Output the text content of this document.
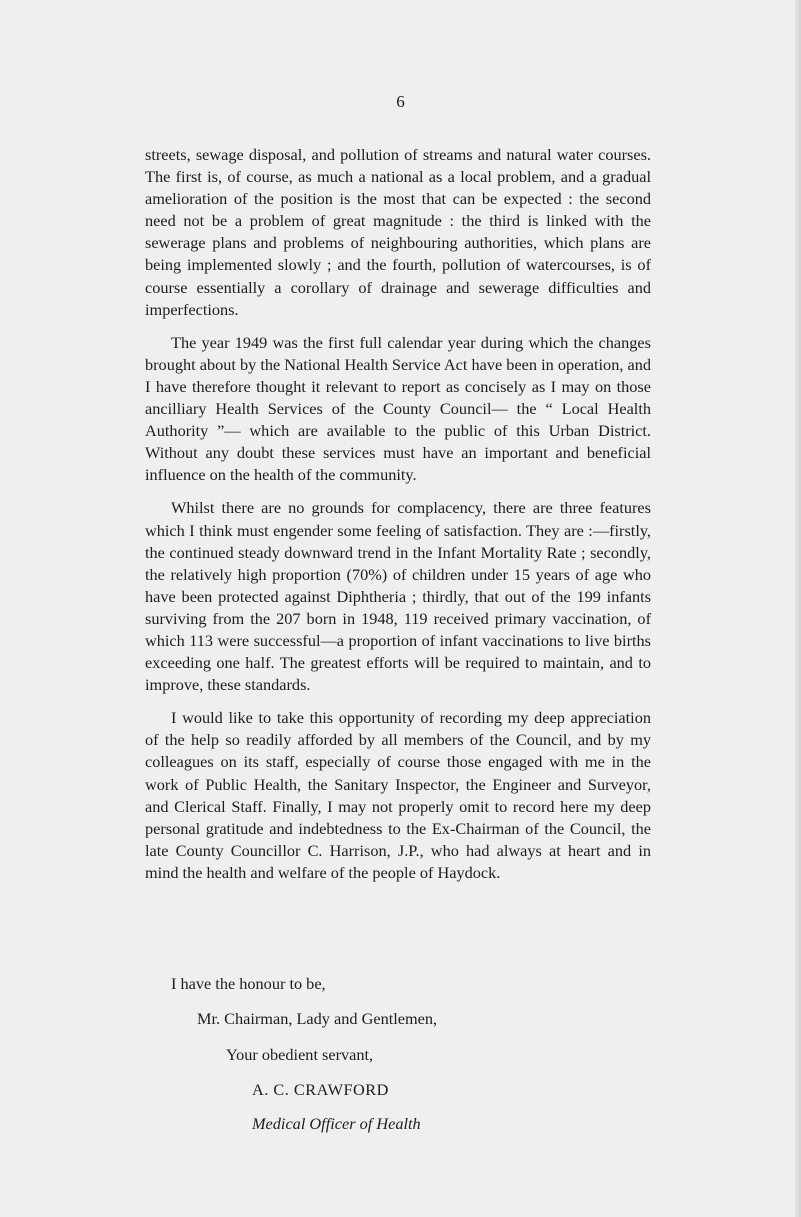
6

streets, sewage disposal, and pollution of streams and natural water courses. The first is, of course, as much a national as a local problem, and a gradual amelioration of the position is the most that can be expected : the second need not be a problem of great magnitude : the third is linked with the sewerage plans and problems of neighbouring authorities, which plans are being implemented slowly ; and the fourth, pollution of watercourses, is of course essentially a corollary of drainage and sewerage difficulties and imperfections.

The year 1949 was the first full calendar year during which the changes brought about by the National Health Service Act have been in operation, and I have therefore thought it relevant to report as concisely as I may on those ancilliary Health Services of the County Council— the “ Local Health Authority ”— which are available to the public of this Urban District. Without any doubt these services must have an important and beneficial influence on the health of the community.

Whilst there are no grounds for complacency, there are three features which I think must engender some feeling of satisfaction. They are :—firstly, the continued steady downward trend in the Infant Mortality Rate ; secondly, the relatively high proportion (70%) of children under 15 years of age who have been protected against Diphtheria ; thirdly, that out of the 199 infants surviving from the 207 born in 1948, 119 received primary vaccination, of which 113 were successful—a proportion of infant vaccinations to live births exceeding one half. The greatest efforts will be required to maintain, and to improve, these standards.

I would like to take this opportunity of recording my deep appreciation of the help so readily afforded by all members of the Council, and by my colleagues on its staff, especially of course those engaged with me in the work of Public Health, the Sanitary Inspector, the Engineer and Surveyor, and Clerical Staff. Finally, I may not properly omit to record here my deep personal gratitude and indebtedness to the Ex-Chairman of the Council, the late County Councillor C. Harrison, J.P., who had always at heart and in mind the health and welfare of the people of Haydock.

I have the honour to be,
Mr. Chairman, Lady and Gentlemen,
Your obedient servant,
A. C. CRAWFORD
Medical Officer of Health
